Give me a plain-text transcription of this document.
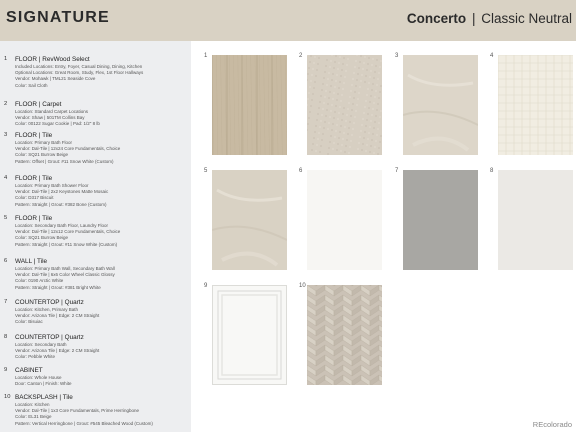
SIGNATURE	Concerto | Classic Neutral
1 FLOOR | RevWood Select
Included Locations: Entry, Foyer, Casual Dining, Dining, Kitchen
Optional Locations: Great Room, Study, Flex, 1st Floor Hallways
Vendor: Mohawk | TML21 Seaside Cove
Color: Sail Cloth
2 FLOOR | Carpet
Location: Standard Carpet Locations
Vendor: Shaw | 501TM Collins Bay
Color: 00122 Sugar Cookie | Pad: 1/2" 8 lb
3 FLOOR | Tile
Location: Primary Bath Floor
Vendor: Dal-Tile | 12x24 Core Fundamentals, Choice
Color: SQ21 Burrow Beige
Pattern: Offset | Grout: #11 Snow White (Custom)
4 FLOOR | Tile
Location: Primary Bath Shower Floor
Vendor: Dal-Tile | 2x2 Keystones Matte Mosaic
Color: D317 Biscuit
Pattern: Straight | Grout: #382 Bone (Custom)
5 FLOOR | Tile
Location: Secondary Bath Floor, Laundry Floor
Vendor: Dal-Tile | 12x12 Core Fundamentals, Choice
Color: SQ21 Burrow Beige
Pattern: Straight | Grout: #11 Snow White (Custom)
6 WALL | Tile
Location: Primary Bath Wall, Secondary Bath Wall
Vendor: Dal-Tile | 6x6 Color Wheel Classic Glossy
Color: 0190 Arctic White
Pattern: Straight | Grout: #381 Bright White
7 COUNTERTOP | Quartz
Location: Kitchen, Primary Bath
Vendor: Arizona Tile | Edge: 2 CM Straight
Color: Bisuiac
8 COUNTERTOP | Quartz
Location: Secondary Bath
Vendor: Arizona Tile | Edge: 2 CM Straight
Color: Pebble White
9 CABINET
Location: Whole House
Door: Canton | Finish: White
10 BACKSPLASH | Tile
Location: Kitchen
Vendor: Dal-Tile | 1x3 Core Fundamentals, Prime Herringbone
Color: EL31 Beige
Pattern: Vertical Herringbone | Grout: #545 Bleached Wood (Custom)
1	2	3	4
5	6	7	8
9	10
REcolorado
